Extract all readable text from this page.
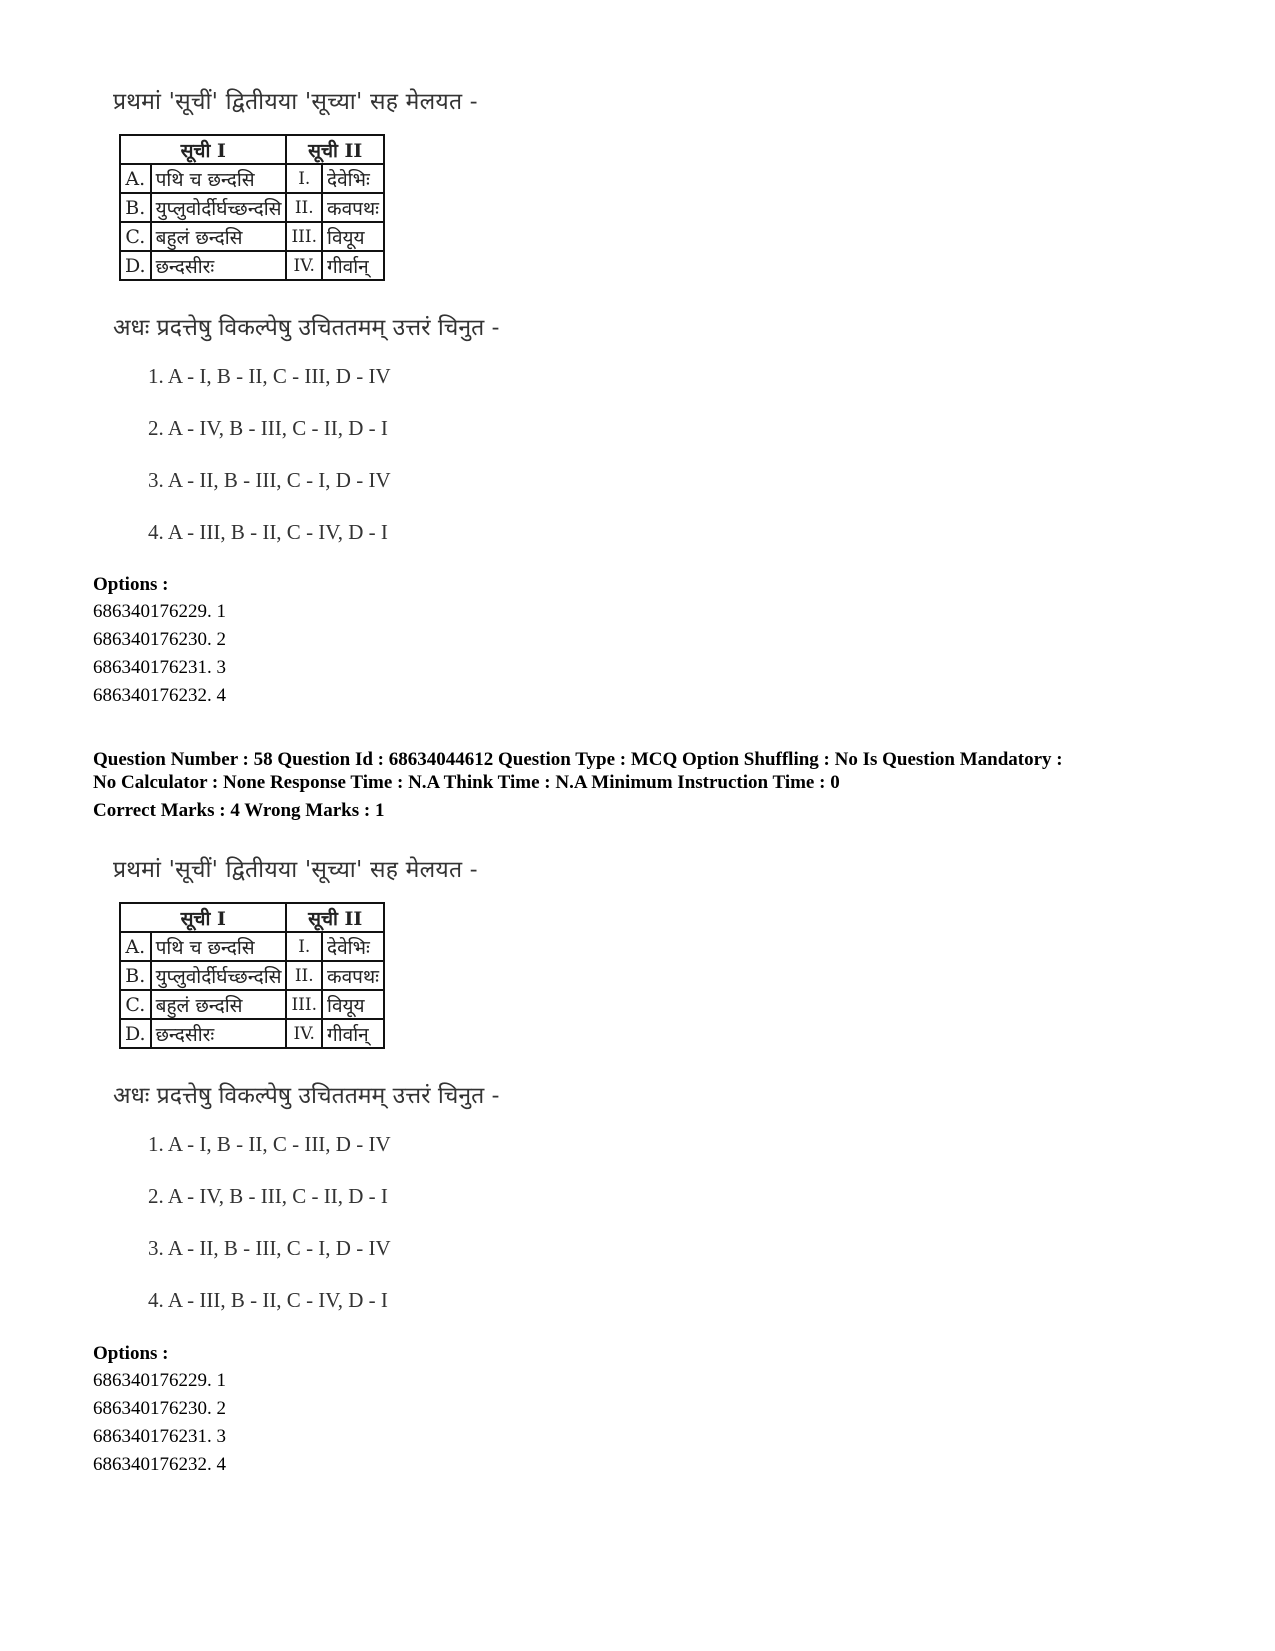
प्रथमां 'सूचीं' द्वितीयया 'सूच्या' सह मेलयत -
सूची I		सूची II	
A.	पथि च छन्दसि	I.	देवेभिः
B.	युप्लुवोर्दीर्घच्छन्दसि	II.	कवपथः
C.	बहुलं छन्दसि	III.	वियूय
D.	छन्दसीरः	IV.	गीर्वान्
अधः प्रदत्तेषु विकल्पेषु उचिततमम् उत्तरं चिनुत -
1. A - I, B - II, C - III, D - IV
2. A - IV, B - III, C - II, D - I
3. A - II, B - III, C - I, D - IV
4. A - III, B - II, C - IV, D - I
Options :
686340176229. 1
686340176230. 2
686340176231. 3
686340176232. 4
Question Number : 58 Question Id : 68634044612 Question Type : MCQ Option Shuffling : No Is Question Mandatory :
No Calculator : None Response Time : N.A Think Time : N.A Minimum Instruction Time : 0
Correct Marks : 4 Wrong Marks : 1
प्रथमां 'सूचीं' द्वितीयया 'सूच्या' सह मेलयत -
सूची I		सूची II	
A.	पथि च छन्दसि	I.	देवेभिः
B.	युप्लुवोर्दीर्घच्छन्दसि	II.	कवपथः
C.	बहुलं छन्दसि	III.	वियूय
D.	छन्दसीरः	IV.	गीर्वान्
अधः प्रदत्तेषु विकल्पेषु उचिततमम् उत्तरं चिनुत -
1. A - I, B - II, C - III, D - IV
2. A - IV, B - III, C - II, D - I
3. A - II, B - III, C - I, D - IV
4. A - III, B - II, C - IV, D - I
Options :
686340176229. 1
686340176230. 2
686340176231. 3
686340176232. 4
